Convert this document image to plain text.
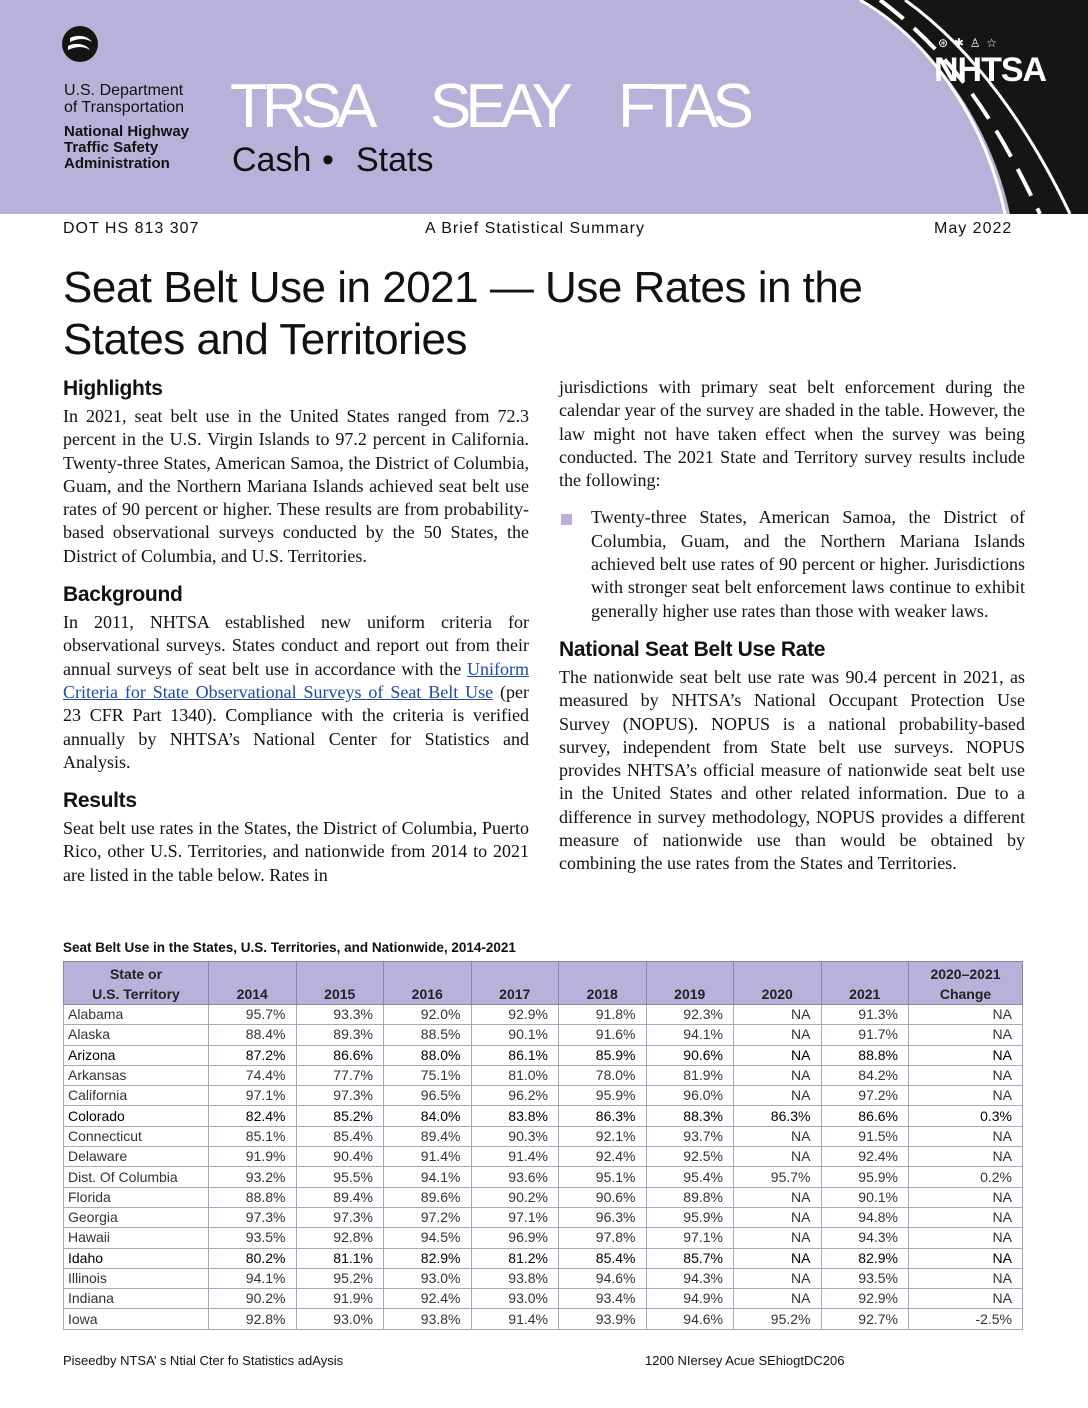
U.S. Department
of Transportation
National Highway
Traffic Safety
Administration
TRSA SEAY FTAS
Cash • Stats
⊛ ✱ ♙ ☆
NHTSA
DOT HS 813 307	A Brief Statistical Summary	May 2022
Seat Belt Use in 2021 — Use Rates in the
States and Territories
Highlights

In 2021, seat belt use in the United States ranged from 72.3 percent in the U.S. Virgin Islands to 97.2 percent in California. Twenty-three States, American Samoa, the District of Columbia, Guam, and the Northern Mariana Islands achieved seat belt use rates of 90 percent or higher. These results are from probability-based observational surveys conducted by the 50 States, the District of Columbia, and U.S. Territories.

Background

In 2011, NHTSA established new uniform criteria for observational surveys. States conduct and report out from their annual surveys of seat belt use in accordance with the Uniform Criteria for State Observational Surveys of Seat Belt Use (per 23 CFR Part 1340). Compliance with the criteria is verified annually by NHTSA’s National Center for Statistics and Analysis.

Results

Seat belt use rates in the States, the District of Columbia, Puerto Rico, other U.S. Territories, and nationwide from 2014 to 2021 are listed in the table below. Rates in

jurisdictions with primary seat belt enforcement during the calendar year of the survey are shaded in the table. However, the law might not have taken effect when the survey was being conducted. The 2021 State and Territory survey results include the following:

Twenty-three States, American Samoa, the District of Columbia, Guam, and the Northern Mariana Islands achieved belt use rates of 90 percent or higher. Jurisdictions with stronger seat belt enforcement laws continue to exhibit generally higher use rates than those with weaker laws.

National Seat Belt Use Rate

The nationwide seat belt use rate was 90.4 percent in 2021, as measured by NHTSA’s National Occupant Protection Use Survey (NOPUS). NOPUS is a national probability-based survey, independent from State belt use surveys. NOPUS provides NHTSA’s official measure of nationwide seat belt use in the United States and other related information. Due to a difference in survey methodology, NOPUS provides a different measure of nationwide use than would be obtained by combining the use rates from the States and Territories.

Seat Belt Use in the States, U.S. Territories, and Nationwide, 2014-2021
State or
U.S. Territory	2014	2015	2016	2017	2018	2019	2020	2021	2020–2021
Change
Alabama	95.7%	93.3%	92.0%	92.9%	91.8%	92.3%	NA	91.3%	NA
Alaska	88.4%	89.3%	88.5%	90.1%	91.6%	94.1%	NA	91.7%	NA
Arizona	87.2%	86.6%	88.0%	86.1%	85.9%	90.6%	NA	88.8%	NA
Arkansas	74.4%	77.7%	75.1%	81.0%	78.0%	81.9%	NA	84.2%	NA
California	97.1%	97.3%	96.5%	96.2%	95.9%	96.0%	NA	97.2%	NA
Colorado	82.4%	85.2%	84.0%	83.8%	86.3%	88.3%	86.3%	86.6%	0.3%
Connecticut	85.1%	85.4%	89.4%	90.3%	92.1%	93.7%	NA	91.5%	NA
Delaware	91.9%	90.4%	91.4%	91.4%	92.4%	92.5%	NA	92.4%	NA
Dist. Of Columbia	93.2%	95.5%	94.1%	93.6%	95.1%	95.4%	95.7%	95.9%	0.2%
Florida	88.8%	89.4%	89.6%	90.2%	90.6%	89.8%	NA	90.1%	NA
Georgia	97.3%	97.3%	97.2%	97.1%	96.3%	95.9%	NA	94.8%	NA
Hawaii	93.5%	92.8%	94.5%	96.9%	97.8%	97.1%	NA	94.3%	NA
Idaho	80.2%	81.1%	82.9%	81.2%	85.4%	85.7%	NA	82.9%	NA
Illinois	94.1%	95.2%	93.0%	93.8%	94.6%	94.3%	NA	93.5%	NA
Indiana	90.2%	91.9%	92.4%	93.0%	93.4%	94.9%	NA	92.9%	NA
Iowa	92.8%	93.0%	93.8%	91.4%	93.9%	94.6%	95.2%	92.7%	-2.5%
Piseedby NTSA’ s Ntial Cter fo Statistics adAysis	1200 NIersey Acue SEhiogtDC206
